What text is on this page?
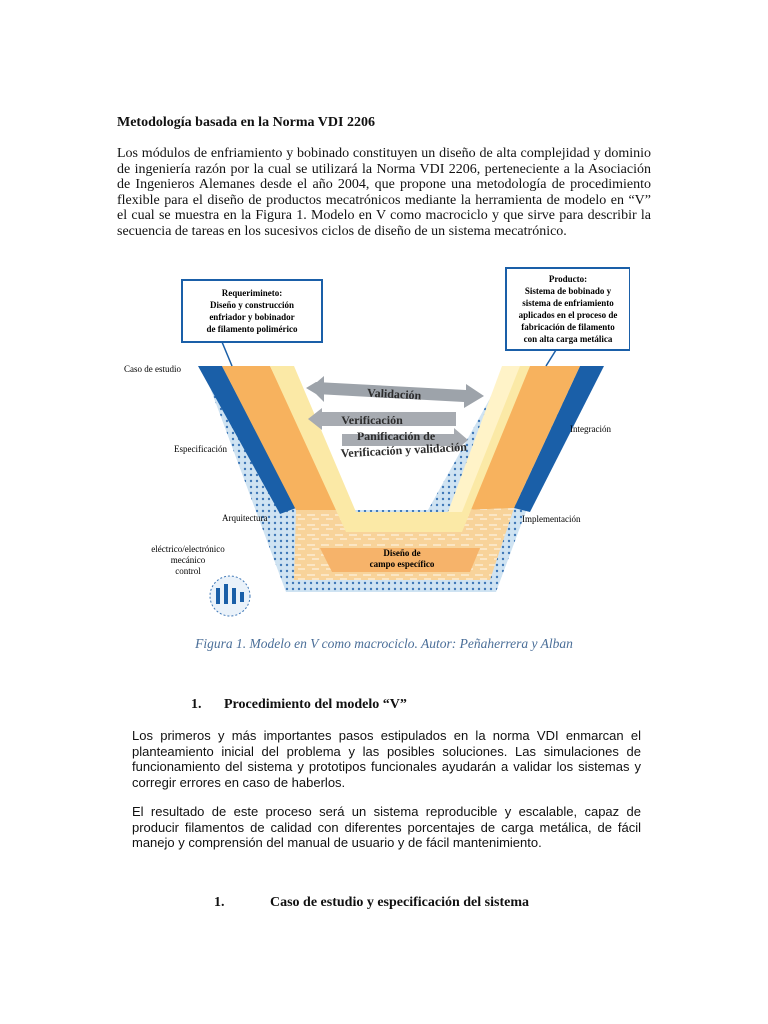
Metodología basada en la Norma VDI 2206
Los módulos de enfriamiento y bobinado constituyen un diseño de alta complejidad y dominio de ingeniería razón por la cual se utilizará la Norma VDI 2206, perteneciente a la Asociación de Ingenieros Alemanes desde el año 2004, que propone una metodología de procedimiento flexible para el diseño de productos mecatrónicos mediante la herramienta de modelo en “V” el cual se muestra en la Figura 1. Modelo en V como macrociclo y que sirve para describir la secuencia de tareas en los sucesivos ciclos de diseño de un sistema mecatrónico.
Requerimineto:
Diseño y construcción
enfriador y bobinador
de filamento polimérico
Producto:
Sistema de bobinado y
sistema de enfriamiento
aplicados en el proceso de
fabricación de filamento
con alta carga metálica
Validación
Verificación
Panificación de
Verificación y validación
Caso de estudio
Especificación
Arquitectura
Integración
Implementación
eléctrico/electrónico
mecánico
control
Diseño de
campo específico
Figura 1. Modelo en V como macrociclo. Autor: Peñaherrera y Alban
1. Procedimiento del modelo “V”
Los primeros y más importantes pasos estipulados en la norma VDI enmarcan el planteamiento inicial del problema y las posibles soluciones. Las simulaciones de funcionamiento del sistema y prototipos funcionales ayudarán a validar los sistemas y corregir errores en caso de haberlos.
El resultado de este proceso será un sistema reproducible y escalable, capaz de producir filamentos de calidad con diferentes porcentajes de carga metálica, de fácil manejo y comprensión del manual de usuario y de fácil mantenimiento.
1.	Caso de estudio y especificación del sistema
